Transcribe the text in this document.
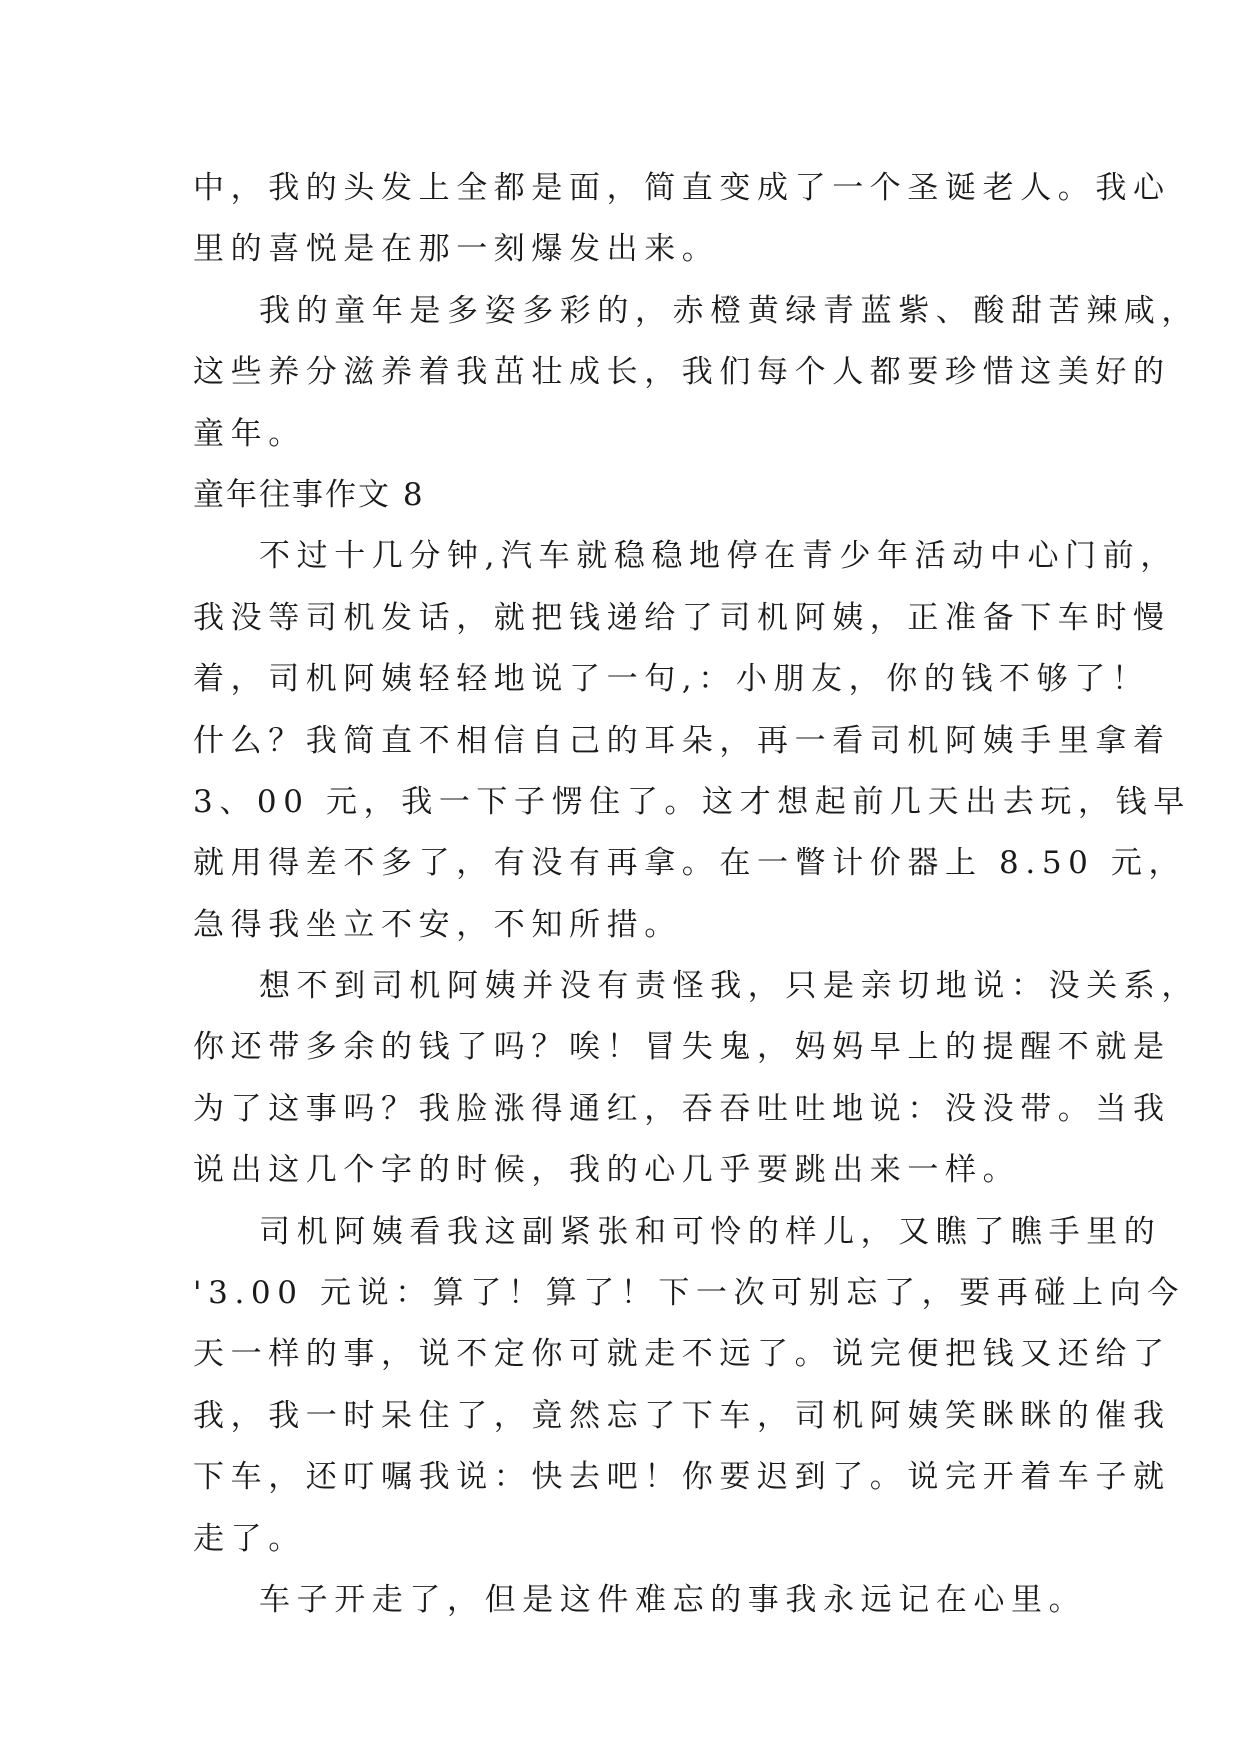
中，我的头发上全都是面，简直变成了一个圣诞老人。我心
里的喜悦是在那一刻爆发出来。
我的童年是多姿多彩的，赤橙黄绿青蓝紫、酸甜苦辣咸，
这些养分滋养着我茁壮成长，我们每个人都要珍惜这美好的
童年。
童年往事作文 8
不过十几分钟,汽车就稳稳地停在青少年活动中心门前，
我没等司机发话，就把钱递给了司机阿姨，正准备下车时慢
着，司机阿姨轻轻地说了一句,：小朋友，你的钱不够了！
什么？我简直不相信自己的耳朵，再一看司机阿姨手里拿着
3、00 元，我一下子愣住了。这才想起前几天出去玩，钱早
就用得差不多了，有没有再拿。在一瞥计价器上 8.50 元，
急得我坐立不安，不知所措。
想不到司机阿姨并没有责怪我，只是亲切地说：没关系，
你还带多余的钱了吗？唉！冒失鬼，妈妈早上的提醒不就是
为了这事吗？我脸涨得通红，吞吞吐吐地说：没没带。当我
说出这几个字的时候，我的心几乎要跳出来一样。
司机阿姨看我这副紧张和可怜的样儿，又瞧了瞧手里的
'3.00 元说：算了！算了！下一次可别忘了，要再碰上向今
天一样的事，说不定你可就走不远了。说完便把钱又还给了
我，我一时呆住了，竟然忘了下车，司机阿姨笑眯眯的催我
下车，还叮嘱我说：快去吧！你要迟到了。说完开着车子就
走了。
车子开走了，但是这件难忘的事我永远记在心里。
